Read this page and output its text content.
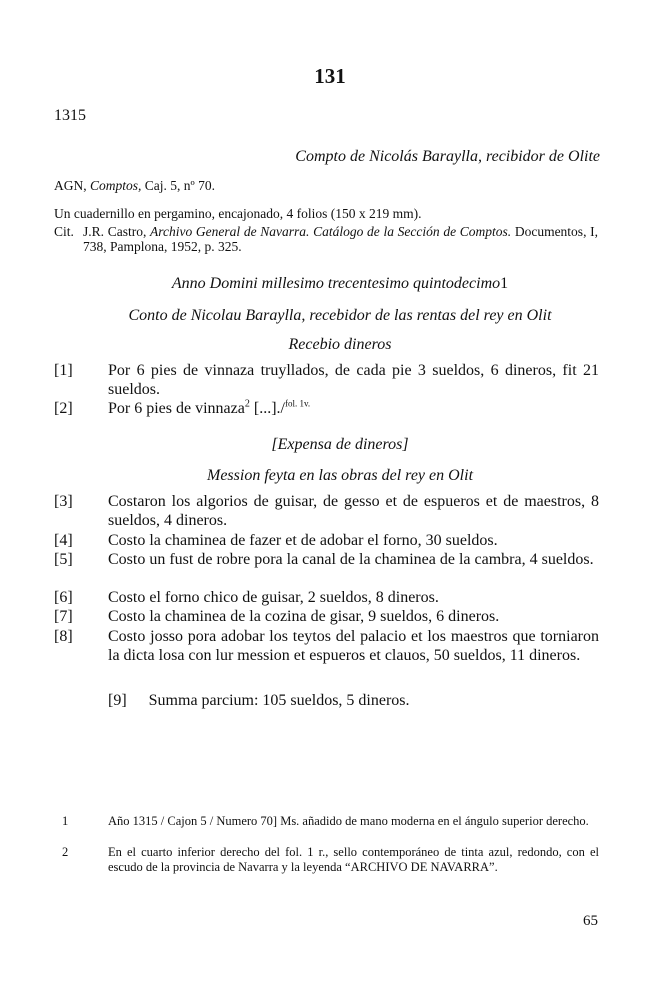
131
1315
Compto de Nicolás Baraylla, recibidor de Olite
AGN, Comptos, Caj. 5, nº 70.
Un cuadernillo en pergamino, encajonado, 4 folios (150 x 219 mm).
Cit. J.R. Castro, Archivo General de Navarra. Catálogo de la Sección de Comptos. Documentos, I, 738, Pamplona, 1952, p. 325.
Anno Domini millesimo trecentesimo quintodecimo1
Conto de Nicolau Baraylla, recebidor de las rentas del rey en Olit
Recebio dineros
[1] Por 6 pies de vinnaza truyllados, de cada pie 3 sueldos, 6 dineros, fit 21 sueldos.
[2] Por 6 pies de vinnaza$^2$ [...]./$^{fol. 1v.}$
[Expensa de dineros]
Mession feyta en las obras del rey en Olit
[3] Costaron los algorios de guisar, de gesso et de espueros et de maestros, 8 sueldos, 4 dineros.
[4] Costo la chaminea de fazer et de adobar el forno, 30 sueldos.
[5] Costo un fust de robre pora la canal de la chaminea de la cambra, 4 sueldos.
[6] Costo el forno chico de guisar, 2 sueldos, 8 dineros.
[7] Costo la chaminea de la cozina de gisar, 9 sueldos, 6 dineros.
[8] Costo josso pora adobar los teytos del palacio et los maestros que torniaron la dicta losa con lur mession et espueros et clauos, 50 sueldos, 11 dineros.
[9] Summa parcium: 105 sueldos, 5 dineros.
1	Año 1315 / Cajon 5 / Numero 70] Ms. añadido de mano moderna en el ángulo superior derecho.
2	En el cuarto inferior derecho del fol. 1 r., sello contemporáneo de tinta azul, redondo, con el escudo de la provincia de Navarra y la leyenda “ARCHIVO DE NAVARRA”.
65
